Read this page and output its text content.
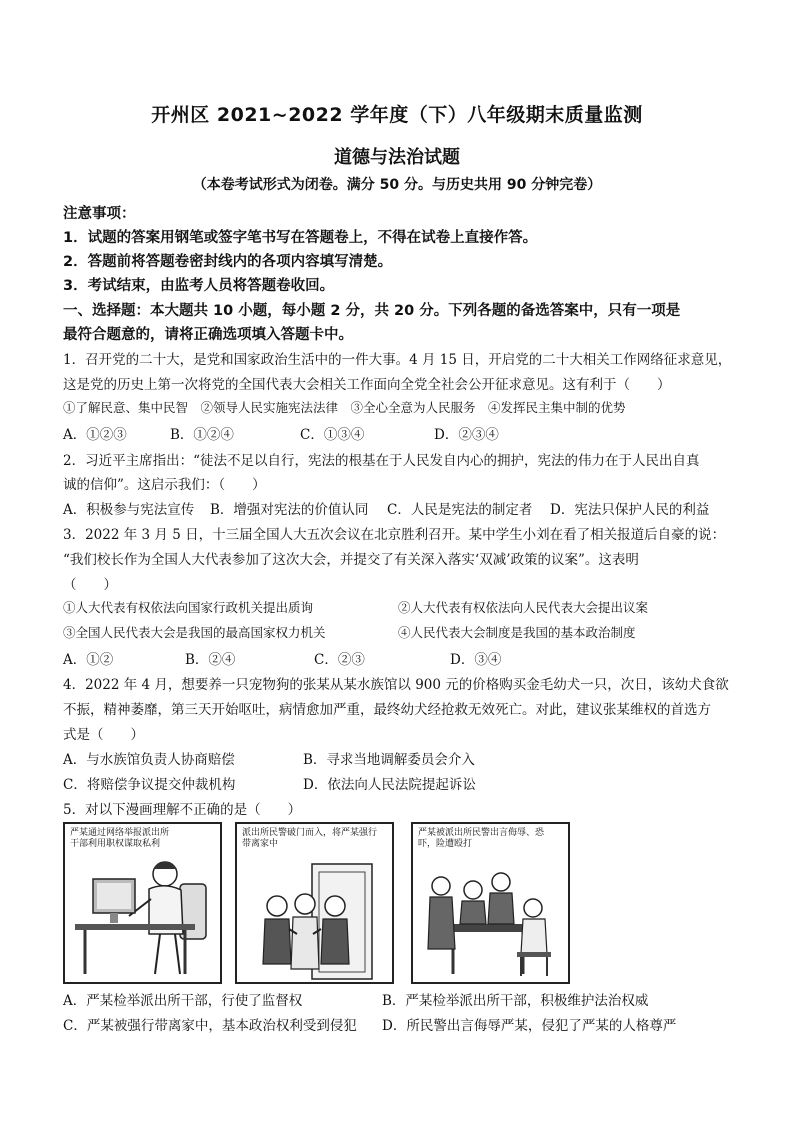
开州区 2021~2022 学年度（下）八年级期末质量监测
道德与法治试题
（本卷考试形式为闭卷。满分 50 分。与历史共用 90 分钟完卷）
注意事项：
1．试题的答案用钢笔或签字笔书写在答题卷上，不得在试卷上直接作答。
2．答题前将答题卷密封线内的各项内容填写清楚。
3．考试结束，由监考人员将答题卷收回。
一、选择题：本大题共 10 小题，每小题 2 分，共 20 分。下列各题的备选答案中，只有一项是
最符合题意的，请将正确选项填入答题卡中。
1．召开党的二十大，是党和国家政治生活中的一件大事。4 月 15 日，开启党的二十大相关工作网络征求意见，
这是党的历史上第一次将党的全国代表大会相关工作面向全党全社会公开征求意见。这有利于（　　）
①了解民意、集中民智　②领导人民实施宪法法律　③全心全意为人民服务　④发挥民主集中制的优势
A．①②③	B．①②④	C．①③④	D．②③④
2．习近平主席指出：“徒法不足以自行，宪法的根基在于人民发自内心的拥护，宪法的伟力在于人民出自真
诚的信仰”。这启示我们：（　　）
A．积极参与宪法宣传 B．增强对宪法的价值认同 C．人民是宪法的制定者 D．宪法只保护人民的利益
3．2022 年 3 月 5 日，十三届全国人大五次会议在北京胜利召开。某中学生小刘在看了相关报道后自豪的说：
“我们校长作为全国人大代表参加了这次大会，并提交了有关深入落实‘双减’政策的议案”。这表明
（　　）
①人大代表有权依法向国家行政机关提出质询	②人大代表有权依法向人民代表大会提出议案
③全国人民代表大会是我国的最高国家权力机关	④人民代表大会制度是我国的基本政治制度
A．①②	B．②④	C．②③	D．③④
4．2022 年 4 月，想要养一只宠物狗的张某从某水族馆以 900 元的价格购买金毛幼犬一只，次日，该幼犬食欲
不振，精神萎靡，第三天开始呕吐，病情愈加严重，最终幼犬经抢救无效死亡。对此，建议张某维权的首选方
式是（　　）
A．与水族馆负责人协商赔偿	B．寻求当地调解委员会介入
C．将赔偿争议提交仲裁机构	D．依法向人民法院提起诉讼
5．对以下漫画理解不正确的是（　　）
严某通过网络举报派出所干部利用职权谋取私利
派出所民警破门而入，将严某强行带离家中
严某被派出所民警出言侮辱、恐吓，险遭殴打
A．严某检举派出所干部，行使了监督权	B．严某检举派出所干部，积极维护法治权威
C．严某被强行带离家中，基本政治权利受到侵犯 D．所民警出言侮辱严某，侵犯了严某的人格尊严
